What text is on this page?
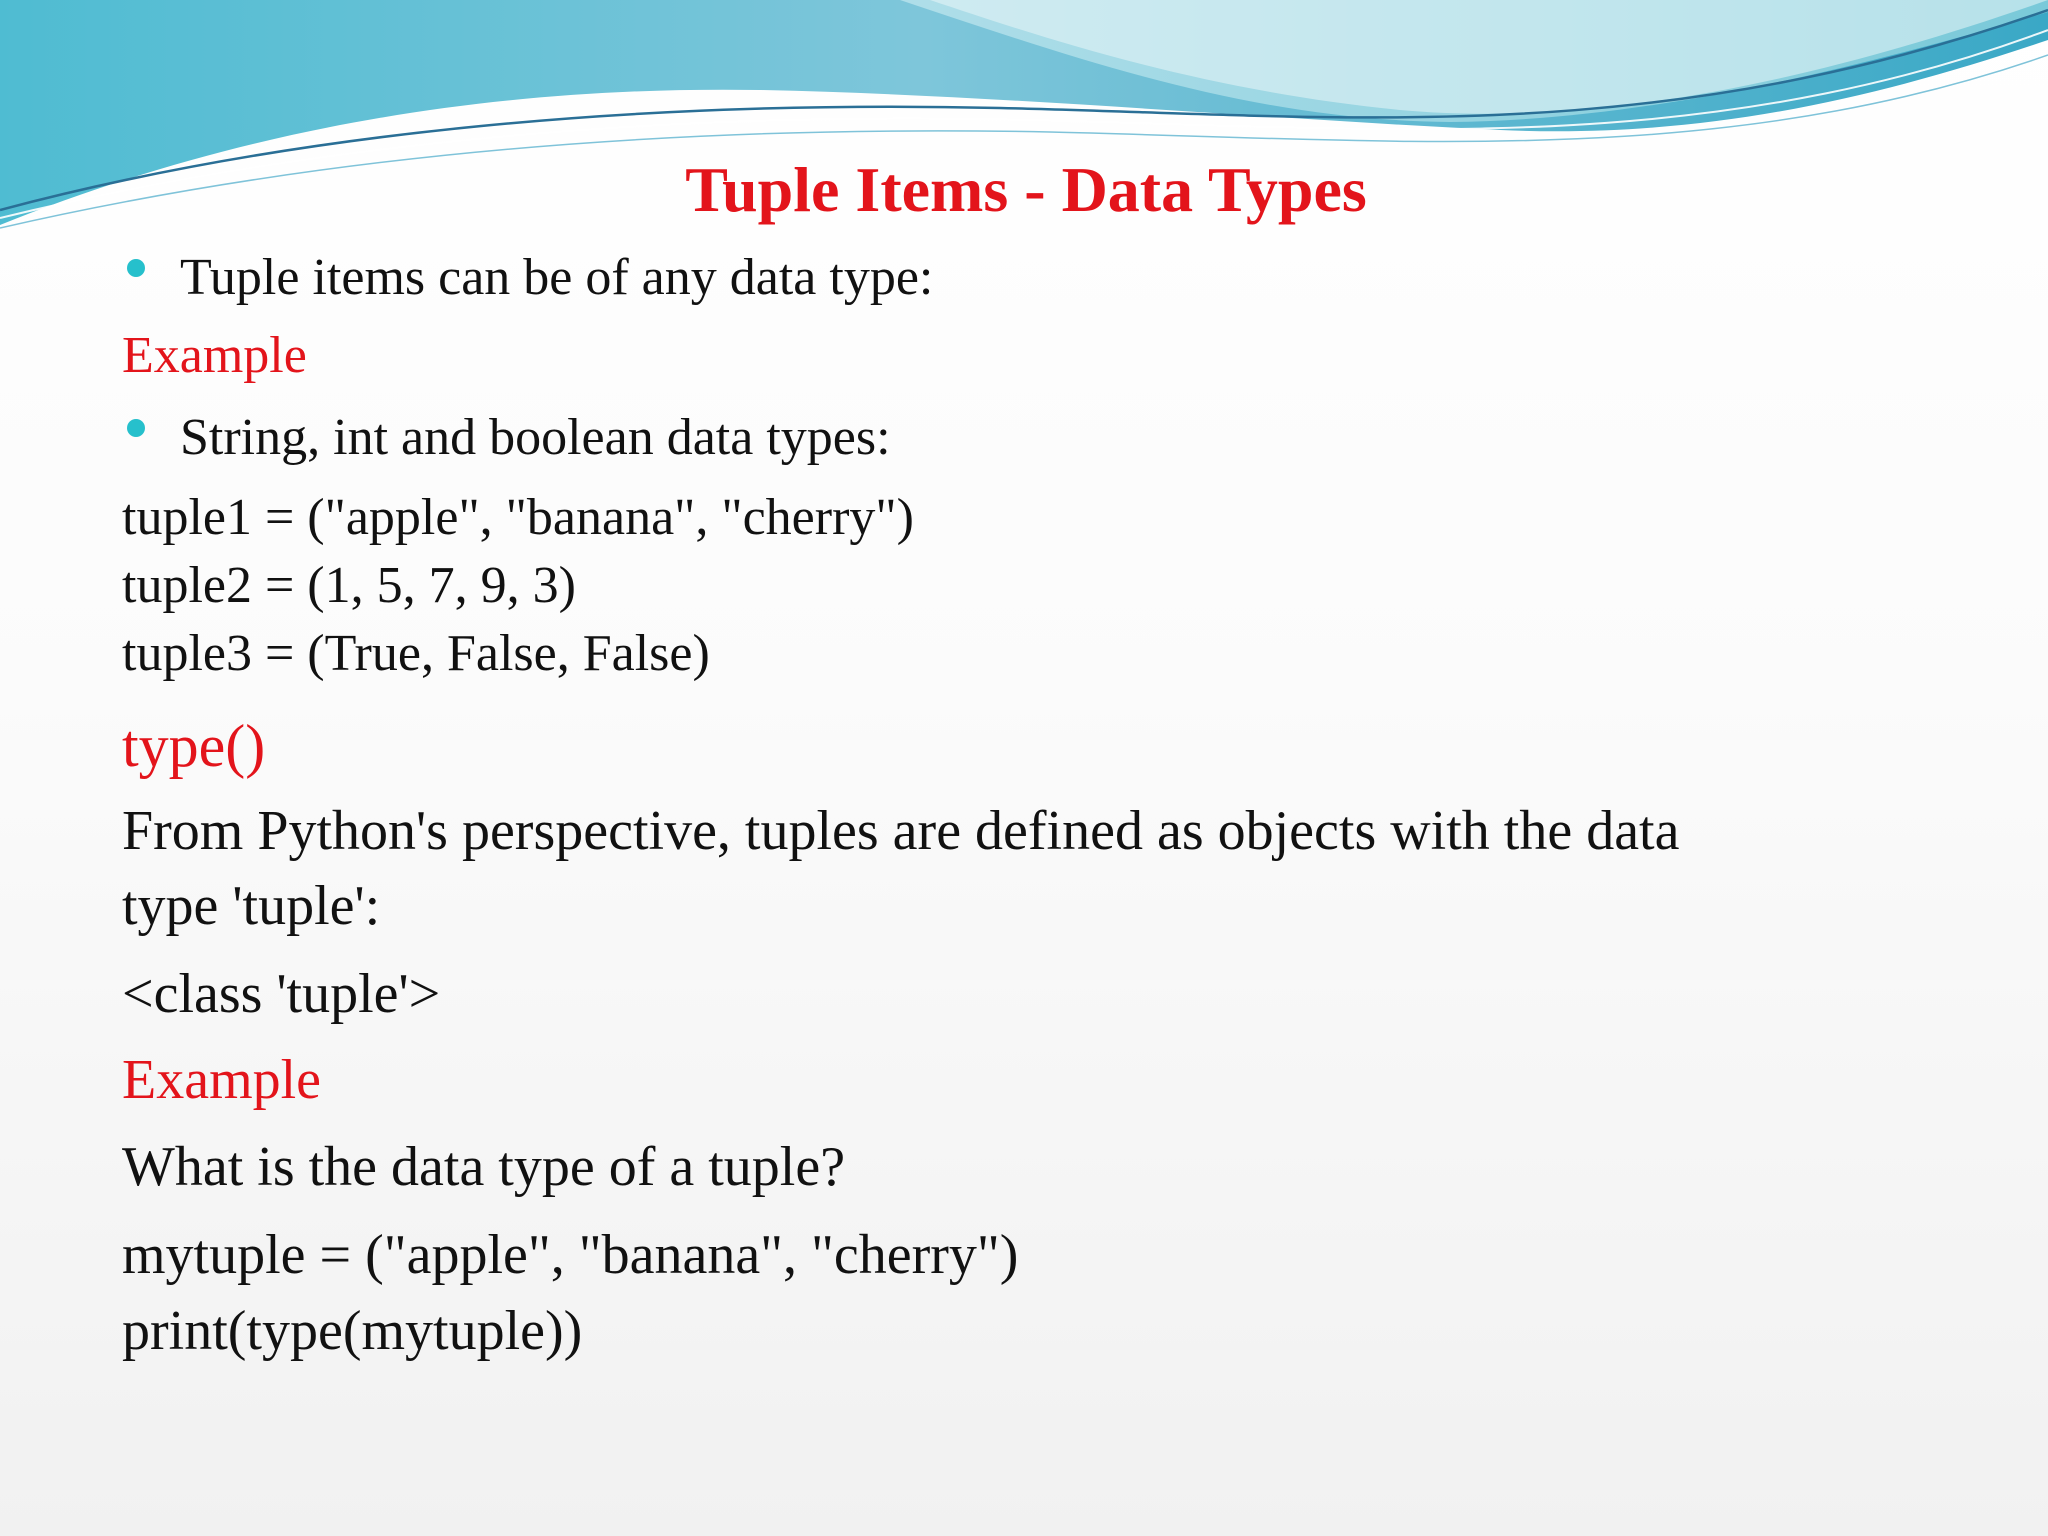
Tuple Items - Data Types
Tuple items can be of any data type:
Example
String, int and boolean data types:
tuple1 = ("apple", "banana", "cherry")
tuple2 = (1, 5, 7, 9, 3)
tuple3 = (True, False, False)
type()
From Python's perspective, tuples are defined as objects with the data
type 'tuple':
<class 'tuple'>
Example
What is the data type of a tuple?
mytuple = ("apple", "banana", "cherry")
print(type(mytuple))
